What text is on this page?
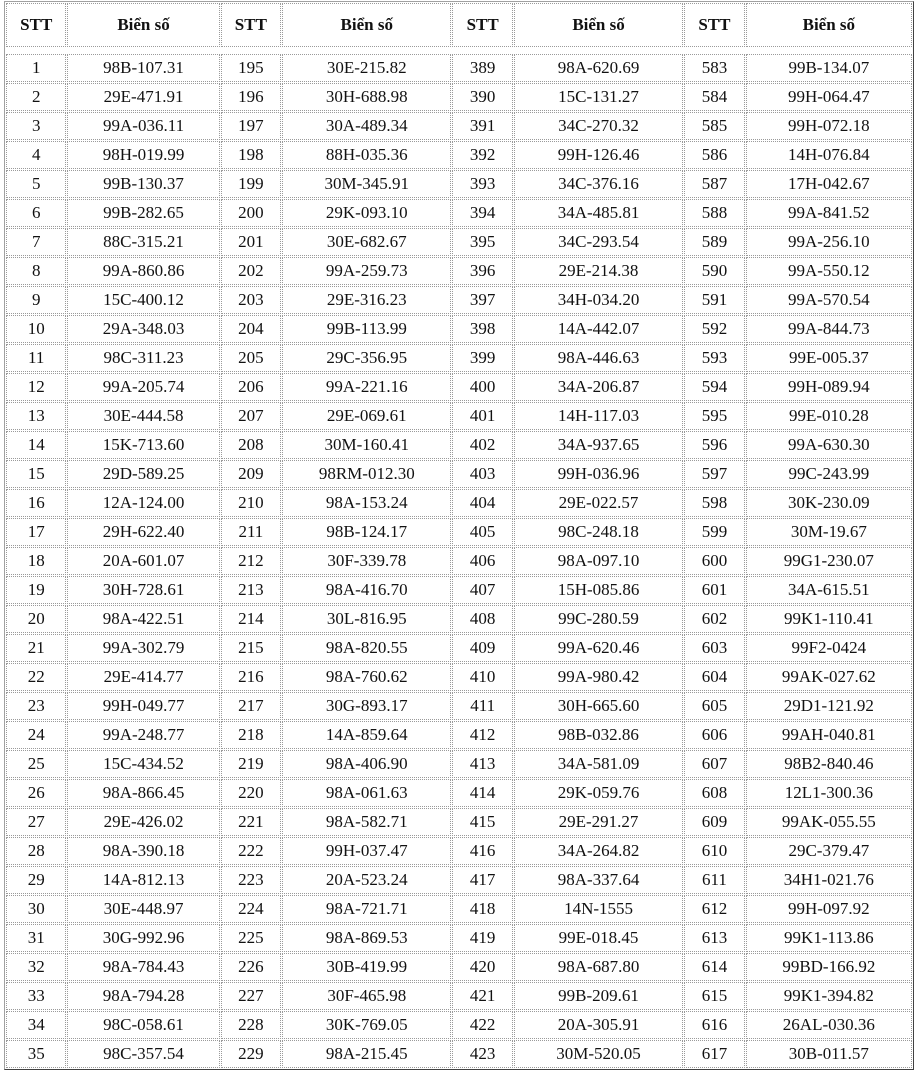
STT	Biển số	STT	Biển số	STT	Biển số	STT	Biển số

1	98B-107.31	195	30E-215.82	389	98A-620.69	583	99B-134.07
2	29E-471.91	196	30H-688.98	390	15C-131.27	584	99H-064.47
3	99A-036.11	197	30A-489.34	391	34C-270.32	585	99H-072.18
4	98H-019.99	198	88H-035.36	392	99H-126.46	586	14H-076.84
5	99B-130.37	199	30M-345.91	393	34C-376.16	587	17H-042.67
6	99B-282.65	200	29K-093.10	394	34A-485.81	588	99A-841.52
7	88C-315.21	201	30E-682.67	395	34C-293.54	589	99A-256.10
8	99A-860.86	202	99A-259.73	396	29E-214.38	590	99A-550.12
9	15C-400.12	203	29E-316.23	397	34H-034.20	591	99A-570.54
10	29A-348.03	204	99B-113.99	398	14A-442.07	592	99A-844.73
11	98C-311.23	205	29C-356.95	399	98A-446.63	593	99E-005.37
12	99A-205.74	206	99A-221.16	400	34A-206.87	594	99H-089.94
13	30E-444.58	207	29E-069.61	401	14H-117.03	595	99E-010.28
14	15K-713.60	208	30M-160.41	402	34A-937.65	596	99A-630.30
15	29D-589.25	209	98RM-012.30	403	99H-036.96	597	99C-243.99
16	12A-124.00	210	98A-153.24	404	29E-022.57	598	30K-230.09
17	29H-622.40	211	98B-124.17	405	98C-248.18	599	30M-19.67
18	20A-601.07	212	30F-339.78	406	98A-097.10	600	99G1-230.07
19	30H-728.61	213	98A-416.70	407	15H-085.86	601	34A-615.51
20	98A-422.51	214	30L-816.95	408	99C-280.59	602	99K1-110.41
21	99A-302.79	215	98A-820.55	409	99A-620.46	603	99F2-0424
22	29E-414.77	216	98A-760.62	410	99A-980.42	604	99AK-027.62
23	99H-049.77	217	30G-893.17	411	30H-665.60	605	29D1-121.92
24	99A-248.77	218	14A-859.64	412	98B-032.86	606	99AH-040.81
25	15C-434.52	219	98A-406.90	413	34A-581.09	607	98B2-840.46
26	98A-866.45	220	98A-061.63	414	29K-059.76	608	12L1-300.36
27	29E-426.02	221	98A-582.71	415	29E-291.27	609	99AK-055.55
28	98A-390.18	222	99H-037.47	416	34A-264.82	610	29C-379.47
29	14A-812.13	223	20A-523.24	417	98A-337.64	611	34H1-021.76
30	30E-448.97	224	98A-721.71	418	14N-1555	612	99H-097.92
31	30G-992.96	225	98A-869.53	419	99E-018.45	613	99K1-113.86
32	98A-784.43	226	30B-419.99	420	98A-687.80	614	99BD-166.92
33	98A-794.28	227	30F-465.98	421	99B-209.61	615	99K1-394.82
34	98C-058.61	228	30K-769.05	422	20A-305.91	616	26AL-030.36
35	98C-357.54	229	98A-215.45	423	30M-520.05	617	30B-011.57
